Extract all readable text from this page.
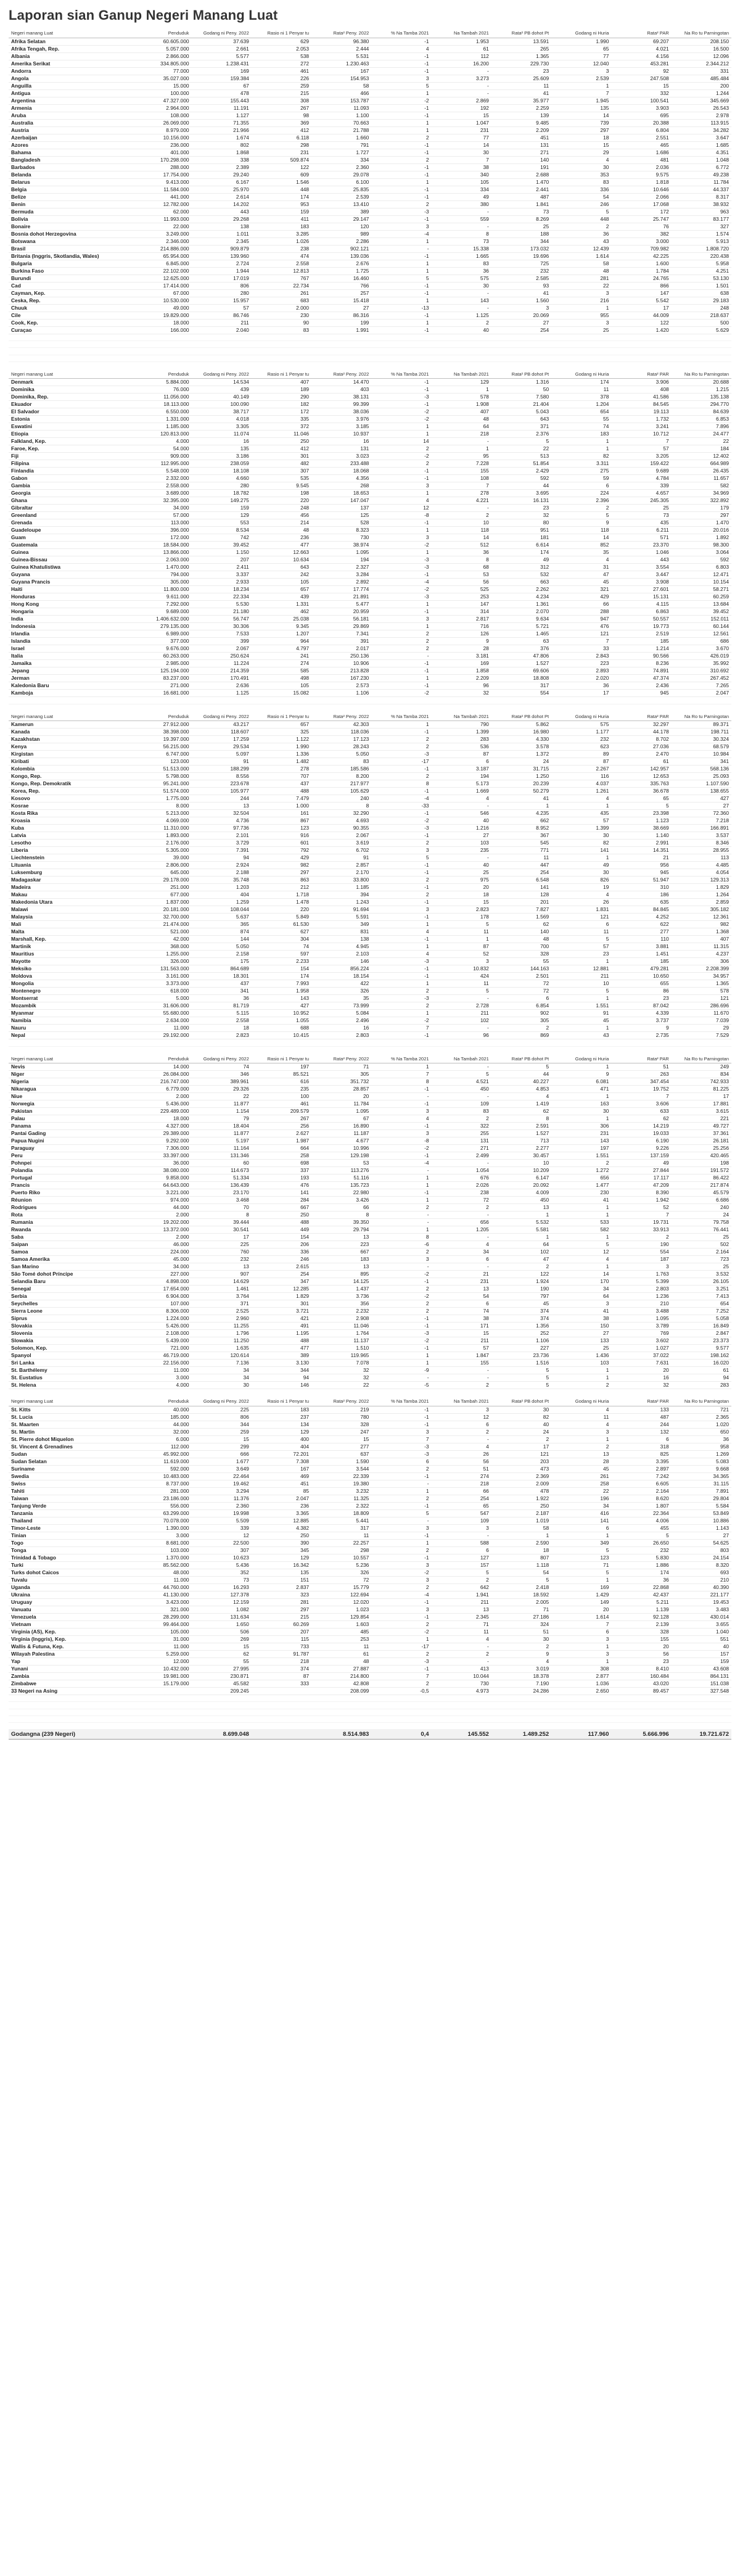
Laporan sian Ganup Negeri Manang Luat
Negeri manang Luat	Penduduk	Godang ni Peny. 2022	Rasio ni 1 Penyar tu	Rata² Peny. 2022	% Na Tamba 2021	Na Tambah 2021	Rata² PB dohot Pt	Godang ni Huria	Rata² PAR	Na Ro tu Parningotan
Afrika Selatan	60.605.000	37.639	629	96.380	-1	1.953	13.591	1.990	69.207	208.150
Afrika Tengah, Rep.	5.057.000	2.661	2.053	2.444	4	61	265	65	4.021	16.500
Albania	2.866.000	5.577	538	5.531	-1	112	1.365	77	4.156	12.096
Amerika Serikat	334.805.000	1.238.431	272	1.230.463	-1	16.200	229.730	12.040	453.281	2.344.212
Andorra	77.000	169	461	167	-1	-	23	3	92	331
Angola	35.027.000	159.384	226	154.953	3	3.273	25.609	2.539	247.508	485.484
Anguilla	15.000	67	259	58	5	-	11	1	15	200
Antigua	100.000	478	215	466	1	-	41	7	332	1.244
Argentina	47.327.000	155.443	308	153.787	-2	2.869	35.977	1.945	100.541	345.669
Armenia	2.964.000	11.191	267	11.093	-1	192	2.259	135	3.903	26.543
Aruba	108.000	1.127	98	1.100	-1	15	139	14	695	2.978
Australia	26.069.000	71.355	369	70.663	1	1.047	9.485	739	20.388	113.915
Austria	8.979.000	21.966	412	21.788	1	231	2.209	297	6.804	34.282
Azerbaijan	10.156.000	1.674	6.118	1.660	2	77	451	18	2.551	3.647
Azores	236.000	802	298	791	-1	14	131	15	465	1.685
Bahama	401.000	1.868	231	1.727	-1	30	271	29	1.686	4.351
Bangladesh	170.298.000	338	509.874	334	2	7	140	4	481	1.048
Barbados	288.000	2.389	122	2.360	-1	38	191	30	2.036	6.772
Belanda	17.754.000	29.240	609	29.078	-1	340	2.688	353	9.575	49.238
Belarus	9.413.000	6.167	1.546	6.100	1	105	1.470	83	1.818	11.784
Belgia	11.584.000	25.970	448	25.835	-1	334	2.441	336	10.646	44.337
Belize	441.000	2.614	174	2.539	-1	49	487	54	2.066	8.317
Benin	12.782.000	14.202	953	13.410	2	380	1.841	246	17.068	38.932
Bermuda	62.000	443	159	389	-3	-	73	5	172	963
Bolivia	11.993.000	29.268	411	29.147	-1	559	8.269	448	25.747	83.177
Bonaire	22.000	138	183	120	3	-	25	2	76	327
Bosnia dohot Herzegovina	3.249.000	1.011	3.285	989	-4	8	188	36	382	1.574
Botswana	2.346.000	2.345	1.026	2.286	1	73	344	43	3.000	5.913
Brasil	214.886.000	909.879	238	902.121	-	15.338	173.032	12.439	709.982	1.808.720
Britania (Inggris, Skotlandia, Wales)	65.954.000	139.960	474	139.036	-1	1.665	19.696	1.614	42.225	220.438
Bulgaria	6.845.000	2.724	2.558	2.676	1	83	725	58	1.600	5.958
Burkina Faso	22.102.000	1.944	12.813	1.725	1	36	232	48	1.784	4.251
Burundi	12.625.000	17.019	767	16.460	5	575	2.585	281	24.765	53.130
Cad	17.414.000	806	22.734	766	-1	30	93	22	866	1.501
Cayman, Kep.	67.000	280	261	257	-1	-	41	3	147	638
Ceska, Rep.	10.530.000	15.957	683	15.418	1	143	1.560	216	5.542	29.183
Chuuk	49.000	57	2.000	27	-13	-	3	1	17	248
Cile	19.829.000	86.746	230	86.316	-1	1.125	20.069	955	44.009	218.637
Cook, Kep.	18.000	211	90	199	1	2	27	3	122	500
Curaçao	166.000	2.040	83	1.991	-1	40	254	25	1.420	5.629

Negeri manang Luat	Penduduk	Godang ni Peny. 2022	Rasio ni 1 Penyar tu	Rata² Peny. 2022	% Na Tamba 2021	Na Tambah 2021	Rata² PB dohot Pt	Godang ni Huria	Rata² PAR	Na Ro tu Parningotan
Denmark	5.884.000	14.534	407	14.470	-1	129	1.316	174	3.906	20.688
Dominika	76.000	439	189	403	-1	1	50	11	408	1.215
Dominika, Rep.	11.056.000	40.149	290	38.131	-3	578	7.580	378	41.586	135.138
Ekuador	18.113.000	100.090	182	99.399	-1	1.908	21.404	1.204	84.545	294.770
El Salvador	6.550.000	38.717	172	38.036	-2	407	5.043	654	19.113	84.639
Estonia	1.331.000	4.018	335	3.976	-2	48	643	55	1.732	6.853
Eswatini	1.185.000	3.305	372	3.185	1	64	371	74	3.241	7.896
Etiopia	120.813.000	11.074	11.046	10.937	1	218	2.376	183	10.712	24.477
Falkland, Kep.	4.000	16	250	16	14	-	5	1	7	22
Faroe, Kep.	54.000	135	412	131	2	1	22	1	57	184
Fiji	909.000	3.186	301	3.023	-2	95	513	82	3.205	12.402
Filipina	112.995.000	238.059	482	233.488	2	7.228	51.854	3.311	159.422	664.989
Finlandia	5.548.000	18.108	307	18.068	-1	155	2.429	275	9.689	26.435
Gabon	2.332.000	4.660	535	4.356	-1	108	592	59	4.784	11.657
Gambia	2.558.000	280	9.545	268	3	7	44	6	339	582
Georgia	3.689.000	18.782	198	18.653	1	278	3.695	224	4.657	34.969
Ghana	32.395.000	149.275	220	147.047	4	4.221	16.131	2.396	245.305	322.892
Gibraltar	34.000	159	248	137	12	-	23	2	25	179
Greenland	57.000	129	456	125	-8	2	32	5	73	297
Grenada	113.000	553	214	528	-1	10	80	9	435	1.470
Guadeloupe	396.000	8.534	48	8.323	1	118	951	118	6.211	20.016
Guam	172.000	742	236	730	3	14	181	14	571	1.892
Guatemala	18.584.000	39.452	477	38.974	-2	512	6.614	852	23.370	98.300
Guinea	13.866.000	1.150	12.663	1.095	1	36	174	35	1.046	3.064
Guinea-Bissau	2.063.000	207	10.634	194	-3	8	49	4	443	592
Guinea Khatulistiwa	1.470.000	2.411	643	2.327	-3	68	312	31	3.554	6.803
Guyana	794.000	3.337	242	3.284	-1	53	532	47	3.447	12.471
Guyana Prancis	305.000	2.933	105	2.892	-4	56	663	45	3.908	10.154
Haiti	11.800.000	18.234	657	17.774	-2	525	2.262	321	27.601	58.271
Honduras	9.611.000	22.334	439	21.891	-3	253	4.234	429	15.131	60.259
Hong Kong	7.292.000	5.530	1.331	5.477	1	147	1.361	66	4.115	13.684
Hongaria	9.689.000	21.180	462	20.959	-1	314	2.070	288	6.863	39.452
India	1.406.632.000	56.747	25.038	56.181	3	2.817	9.634	947	50.557	152.011
Indonesia	279.135.000	30.306	9.345	29.869	1	716	5.721	476	19.773	60.144
Irlandia	6.989.000	7.533	1.207	7.341	2	126	1.465	121	2.519	12.561
Islandia	377.000	399	964	391	2	9	63	7	185	686
Israel	9.676.000	2.067	4.797	2.017	2	28	376	33	1.214	3.670
Italia	60.263.000	250.624	241	250.136	-	3.181	47.806	2.843	90.566	426.019
Jamaika	2.985.000	11.224	274	10.906	-1	169	1.527	223	8.236	35.992
Jepang	125.194.000	214.359	585	213.828	-1	1.858	69.606	2.893	74.891	310.692
Jerman	83.237.000	170.491	498	167.230	1	2.209	18.808	2.020	47.374	267.452
Kaledonia Baru	271.000	2.636	105	2.573	-1	96	317	36	2.436	7.265
Kamboja	16.681.000	1.125	15.082	1.106	-2	32	554	17	945	2.047

Negeri manang Luat	Penduduk	Godang ni Peny. 2022	Rasio ni 1 Penyar tu	Rata² Peny. 2022	% Na Tamba 2021	Na Tambah 2021	Rata² PB dohot Pt	Godang ni Huria	Rata² PAR	Na Ro tu Parningotan
Kamerun	27.912.000	43.217	657	42.303	1	790	5.862	575	32.297	89.371
Kanada	38.398.000	118.607	325	118.036	-1	1.399	16.980	1.177	44.178	198.711
Kazakhstan	19.397.000	17.259	1.122	17.123	2	283	4.330	232	8.702	30.324
Kenya	56.215.000	29.534	1.990	28.243	2	536	3.578	623	27.036	68.579
Kirgistan	6.747.000	5.097	1.336	5.050	-3	87	1.372	89	2.470	10.984
Kiribati	123.000	91	1.482	83	-17	6	24	87	61	341
Kolombia	51.513.000	188.299	278	185.586	-1	3.187	31.715	2.267	142.957	568.136
Kongo, Rep.	5.798.000	8.556	707	8.200	2	194	1.250	116	12.653	25.093
Kongo, Rep. Demokratik	95.241.000	223.678	437	217.977	8	5.173	20.239	4.037	335.763	1.107.590
Korea, Rep.	51.574.000	105.977	488	105.629	-1	1.669	50.279	1.261	36.678	138.655
Kosovo	1.775.000	244	7.479	240	-4	4	41	4	65	427
Kosrae	8.000	13	1.000	8	-33	-	1	1	5	27
Kosta Rika	5.213.000	32.504	161	32.290	-1	546	4.235	435	23.398	72.360
Kroasia	4.069.000	4.736	867	4.693	-2	40	662	57	1.123	7.218
Kuba	11.310.000	97.736	123	90.355	-3	1.216	8.952	1.399	38.669	166.891
Latvia	1.893.000	2.101	916	2.067	-1	27	367	30	1.140	3.537
Lesotho	2.176.000	3.729	601	3.619	2	103	545	82	2.991	8.346
Liberia	5.305.000	7.391	792	6.702	3	235	771	141	14.351	28.955
Liechtenstein	39.000	94	429	91	5	-	11	1	21	113
Lituania	2.806.000	2.924	982	2.857	-1	40	447	49	956	4.485
Luksemburg	645.000	2.188	297	2.170	-1	25	254	30	945	4.054
Madagaskar	29.178.000	35.748	863	33.800	2	975	6.548	826	51.947	129.313
Madeira	251.000	1.203	212	1.185	-1	20	141	19	310	1.829
Makau	677.000	404	1.718	394	2	18	128	4	186	1.264
Makedonia Utara	1.837.000	1.259	1.478	1.243	-1	15	201	26	635	2.859
Malawi	20.181.000	108.044	220	91.694	3	2.823	7.827	1.831	84.845	305.182
Malaysia	32.700.000	5.637	5.849	5.591	-1	178	1.569	121	4.252	12.361
Mali	21.474.000	365	61.530	349	1	5	62	6	622	982
Malta	521.000	874	627	831	4	11	140	11	277	1.368
Marshall, Kep.	42.000	144	304	138	-1	1	48	5	110	407
Martinik	368.000	5.050	74	4.945	1	87	700	57	3.881	11.315
Mauritius	1.255.000	2.158	597	2.103	4	52	328	23	1.451	4.237
Mayotte	326.000	175	2.233	146	-3	3	55	1	185	306
Meksiko	131.563.000	864.689	154	856.224	-1	10.832	144.163	12.881	479.281	2.208.399
Moldova	3.161.000	18.301	174	18.154	-1	424	2.501	211	10.650	34.957
Mongolia	3.373.000	437	7.993	422	1	11	72	10	655	1.365
Montenegro	618.000	341	1.958	326	2	5	72	5	86	578
Montserrat	5.000	36	143	35	-3	-	6	1	23	121
Mozambik	31.606.000	81.719	427	73.999	2	2.728	6.854	1.551	87.042	286.696
Myanmar	55.680.000	5.115	10.952	5.084	1	211	902	91	4.339	11.670
Namibia	2.634.000	2.558	1.055	2.496	-2	102	305	45	3.737	7.039
Nauru	11.000	18	688	16	7	-	2	1	9	29
Nepal	29.192.000	2.823	10.415	2.803	-1	96	869	43	2.735	7.529

Negeri manang Luat	Penduduk	Godang ni Peny. 2022	Rasio ni 1 Penyar tu	Rata² Peny. 2022	% Na Tamba 2021	Na Tambah 2021	Rata² PB dohot Pt	Godang ni Huria	Rata² PAR	Na Ro tu Parningotan
Nevis	14.000	74	197	71	1	-	5	1	51	249
Niger	26.084.000	346	85.521	305	7	5	44	9	263	834
Nigeria	216.747.000	389.961	616	351.732	8	4.521	40.227	6.081	347.454	742.933
Nikaragua	6.779.000	29.326	235	28.857	-1	450	4.853	471	19.752	81.225
Niue	2.000	22	100	20	-	-	4	1	7	17
Norwegia	5.436.000	11.877	461	11.784	-1	109	1.419	163	3.606	17.881
Pakistan	229.489.000	1.154	209.579	1.095	3	83	62	30	633	3.615
Palau	18.000	79	267	67	4	2	8	1	62	221
Panama	4.327.000	18.404	256	16.890	-1	322	2.591	306	14.219	49.727
Pantai Gading	29.389.000	11.877	2.627	11.187	3	255	1.527	231	19.033	37.361
Papua Nugini	9.292.000	5.197	1.987	4.677	-8	131	713	143	6.190	26.181
Paraguay	7.306.000	11.164	664	10.996	-2	271	2.277	197	9.226	25.256
Peru	33.397.000	131.346	258	129.198	-1	2.499	30.457	1.551	137.159	420.465
Pohnpei	36.000	60	698	53	-4	-	10	2	49	198
Polandia	38.080.000	114.673	337	113.276	-	1.054	10.209	1.272	27.844	191.572
Portugal	9.858.000	51.334	193	51.116	1	676	6.147	656	17.117	86.422
Prancis	64.643.000	136.439	476	135.723	1	2.026	20.092	1.477	47.209	217.874
Puerto Riko	3.221.000	23.170	141	22.980	-1	238	4.009	230	8.390	45.579
Réunion	974.000	3.468	284	3.426	1	72	450	41	1.942	6.686
Rodrigues	44.000	70	667	66	2	2	13	1	52	240
Rota	2.000	8	250	8	-	-	1	1	7	24
Rumania	19.202.000	39.444	488	39.350	-	656	5.532	533	19.731	79.758
Rwanda	13.372.000	30.541	449	29.794	1	1.205	5.581	582	33.913	76.441
Saba	2.000	17	154	13	8	-	1	1	2	25
Saipan	46.000	225	206	223	-6	4	64	5	190	502
Samoa	224.000	760	336	667	2	34	102	12	554	2.164
Samoa Amerika	45.000	232	246	183	3	6	47	4	187	723
San Marino	34.000	13	2.615	13	-	-	2	1	3	25
São Tomé dohot Príncipe	227.000	907	254	895	-2	21	122	14	1.763	3.532
Selandia Baru	4.898.000	14.629	347	14.125	-1	231	1.924	170	5.399	26.105
Senegal	17.654.000	1.461	12.285	1.437	2	13	190	34	2.803	3.251
Serbia	6.904.000	3.764	1.829	3.736	-2	54	797	64	1.236	7.413
Seychelles	107.000	371	301	356	2	6	45	3	210	654
Sierra Leone	8.306.000	2.525	3.721	2.232	2	74	374	41	3.488	7.252
Siprus	1.224.000	2.960	421	2.908	-1	38	374	38	1.095	5.058
Slovakia	5.426.000	11.255	491	11.046	-1	171	1.356	150	3.789	16.849
Slovenia	2.108.000	1.796	1.195	1.764	-3	15	252	27	769	2.847
Slowakia	5.439.000	11.250	488	11.137	-2	211	1.106	133	3.602	23.373
Solomon, Kep.	721.000	1.635	477	1.510	-1	57	227	25	1.027	9.577
Spanyol	46.719.000	120.614	389	119.965	1	1.847	23.736	1.436	37.022	198.162
Sri Lanka	22.156.000	7.136	3.130	7.078	1	155	1.516	103	7.631	16.020
St. Barthélemy	11.000	34	344	32	-9	-	5	1	20	61
St. Eustatius	3.000	34	94	32	-	-	5	1	16	94
St. Helena	4.000	30	146	22	-5	2	5	2	32	283
Negeri manang Luat	Penduduk	Godang ni Peny. 2022	Rasio ni 1 Penyar tu	Rata² Peny. 2022	% Na Tamba 2021	Na Tambah 2021	Rata² PB dohot Pt	Godang ni Huria	Rata² PAR	Na Ro tu Parningotan
St. Kitts	40.000	225	183	219	-1	3	30	4	133	721
St. Lucia	185.000	806	237	780	-1	12	82	11	487	2.365
St. Maarten	44.000	344	134	328	-1	6	40	4	244	1.020
St. Martin	32.000	259	129	247	3	2	24	3	132	650
St. Pierre dohot Miquelon	6.000	15	400	15	7	-	2	1	6	36
St. Vincent & Grenadines	112.000	299	404	277	-3	4	17	2	318	958
Sudan	45.992.000	666	72.201	637	-3	26	121	13	825	1.269
Sudan Selatan	11.619.000	1.677	7.308	1.590	6	56	203	28	3.395	5.083
Suriname	592.000	3.649	167	3.544	2	51	473	45	2.897	9.668
Swedia	10.483.000	22.464	469	22.339	-1	274	2.369	261	7.242	34.365
Swiss	8.737.000	19.462	451	19.380	-	218	2.009	258	6.605	31.115
Tahiti	281.000	3.294	85	3.232	1	66	478	22	2.164	7.891
Taiwan	23.186.000	11.376	2.047	11.325	2	254	1.922	196	8.620	29.804
Tanjung Verde	556.000	2.360	236	2.322	-1	65	250	34	1.807	5.584
Tanzania	63.299.000	19.998	3.365	18.809	5	547	2.187	416	22.364	53.849
Thailand	70.078.000	5.509	12.885	5.441	-	109	1.019	141	4.006	10.886
Timor-Leste	1.390.000	339	4.382	317	3	3	58	6	455	1.143
Tinian	3.000	12	250	11	-1	-	1	1	5	27
Togo	8.681.000	22.500	390	22.257	1	588	2.590	349	26.650	54.625
Tonga	103.000	307	345	298	2	6	18	5	232	803
Trinidad & Tobago	1.370.000	10.623	129	10.557	-1	127	807	123	5.830	24.154
Turki	85.562.000	5.436	16.342	5.236	3	157	1.118	71	1.886	8.320
Turks dohot Caicos	48.000	352	135	326	-2	5	54	5	174	693
Tuvalu	11.000	73	151	72	3	2	5	1	36	210
Uganda	44.760.000	16.293	2.837	15.779	2	642	2.418	169	22.868	40.390
Ukraina	41.130.000	127.378	323	122.694	-4	1.941	18.592	1.429	42.437	221.177
Uruguay	3.423.000	12.159	281	12.020	-1	211	2.005	149	5.211	19.453
Vanuatu	321.000	1.082	297	1.023	3	13	71	20	1.139	3.483
Venezuela	28.299.000	131.634	215	129.854	-1	2.345	27.186	1.614	92.128	430.014
Vietnam	99.464.000	1.650	60.269	1.603	2	71	324	7	2.139	3.655
Virginia (AS), Kep.	105.000	506	207	485	-2	11	51	6	328	1.040
Virginia (Inggris), Kep.	31.000	269	115	253	1	4	30	3	155	551
Wallis & Futuna, Kep.	11.000	15	733	11	-17	-	2	1	20	40
Wilayah Palestina	5.259.000	62	91.787	61	2	2	9	3	56	157
Yap	12.000	55	218	48	-3	-	4	1	23	159
Yunani	10.432.000	27.995	374	27.887	-1	413	3.019	308	8.410	43.608
Zambia	19.981.000	230.871	87	214.800	7	10.044	18.378	2.877	160.484	864.131
Zimbabwe	15.179.000	45.582	333	42.808	2	730	7.190	1.036	43.020	151.038
33 Negeri na Asing		209.245		208.099	-0,5	4.973	24.286	2.650	89.457	327.548

Godangna (239 Negeri)		8.699.048		8.514.983	0,4	145.552	1.489.252	117.960	5.666.996	19.721.672
